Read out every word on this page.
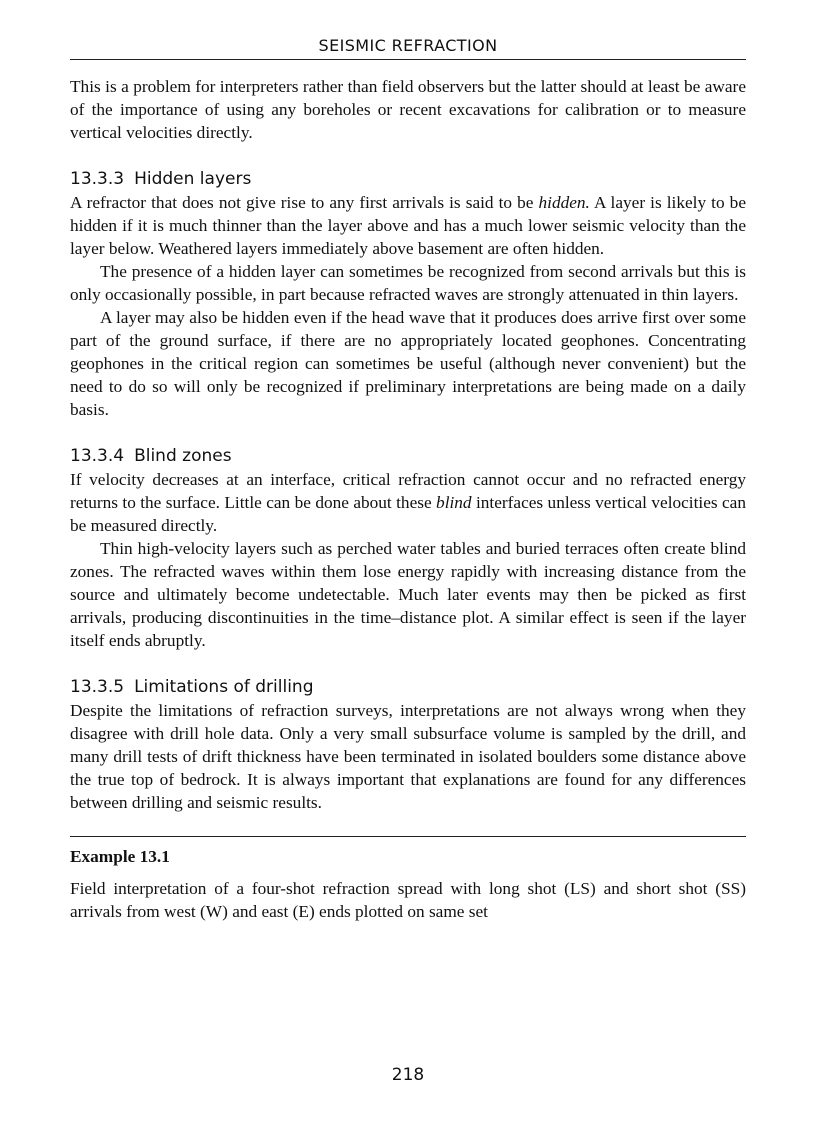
SEISMIC REFRACTION

This is a problem for interpreters rather than field observers but the latter should at least be aware of the importance of using any boreholes or recent excavations for calibration or to measure vertical velocities directly.

13.3.3 Hidden layers

A refractor that does not give rise to any first arrivals is said to be hidden. A layer is likely to be hidden if it is much thinner than the layer above and has a much lower seismic velocity than the layer below. Weathered layers immediately above basement are often hidden.

The presence of a hidden layer can sometimes be recognized from second arrivals but this is only occasionally possible, in part because refracted waves are strongly attenuated in thin layers.

A layer may also be hidden even if the head wave that it produces does arrive first over some part of the ground surface, if there are no appropriately located geophones. Concentrating geophones in the critical region can sometimes be useful (although never convenient) but the need to do so will only be recognized if preliminary interpretations are being made on a daily basis.

13.3.4 Blind zones

If velocity decreases at an interface, critical refraction cannot occur and no refracted energy returns to the surface. Little can be done about these blind interfaces unless vertical velocities can be measured directly.

Thin high-velocity layers such as perched water tables and buried terraces often create blind zones. The refracted waves within them lose energy rapidly with increasing distance from the source and ultimately become undetectable. Much later events may then be picked as first arrivals, producing discontinuities in the time–distance plot. A similar effect is seen if the layer itself ends abruptly.

13.3.5 Limitations of drilling

Despite the limitations of refraction surveys, interpretations are not always wrong when they disagree with drill hole data. Only a very small subsurface volume is sampled by the drill, and many drill tests of drift thickness have been terminated in isolated boulders some distance above the true top of bedrock. It is always important that explanations are found for any differences between drilling and seismic results.

Example 13.1

Field interpretation of a four-shot refraction spread with long shot (LS) and short shot (SS) arrivals from west (W) and east (E) ends plotted on same set

218
